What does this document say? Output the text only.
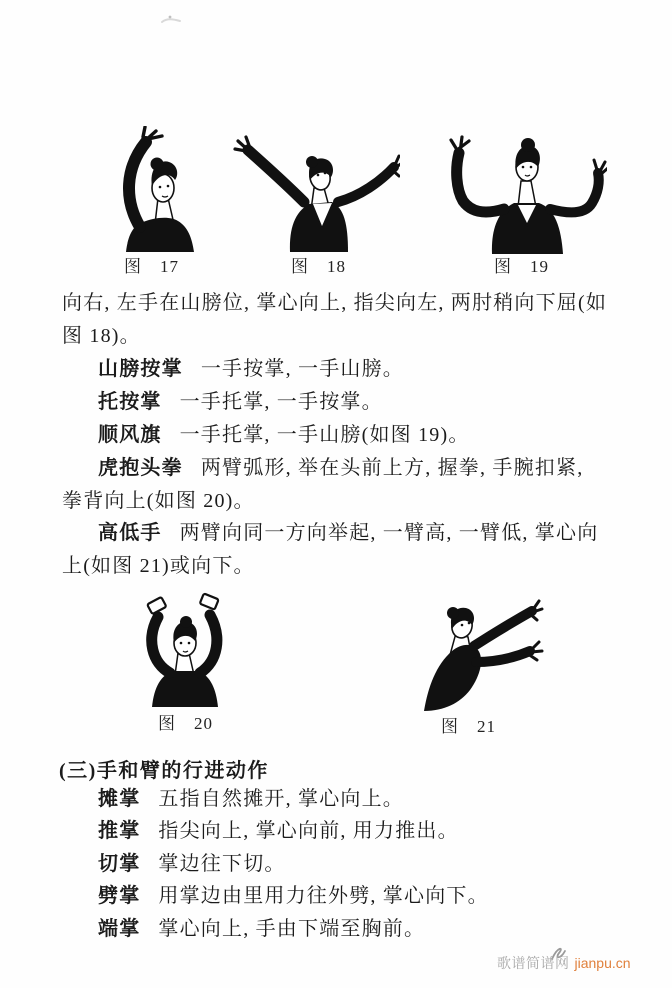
图　17	图　18	图　19
向右, 左手在山膀位, 掌心向上, 指尖向左, 两肘稍向下屈(如
图 18)。
山膀按掌 一手按掌, 一手山膀。
托按掌 一手托掌, 一手按掌。
顺风旗 一手托掌, 一手山膀(如图 19)。
虎抱头拳 两臂弧形, 举在头前上方, 握拳, 手腕扣紧,
拳背向上(如图 20)。
高低手 两臂向同一方向举起, 一臂高, 一臂低, 掌心向
上(如图 21)或向下。
图　20	图　21
(三)手和臂的行进动作
摊掌 五指自然摊开, 掌心向上。
推掌 指尖向上, 掌心向前, 用力推出。
切掌 掌边往下切。
劈掌 用掌边由里用力往外劈, 掌心向下。
端掌 掌心向上, 手由下端至胸前。
歌谱简谱网 jianpu.cn
